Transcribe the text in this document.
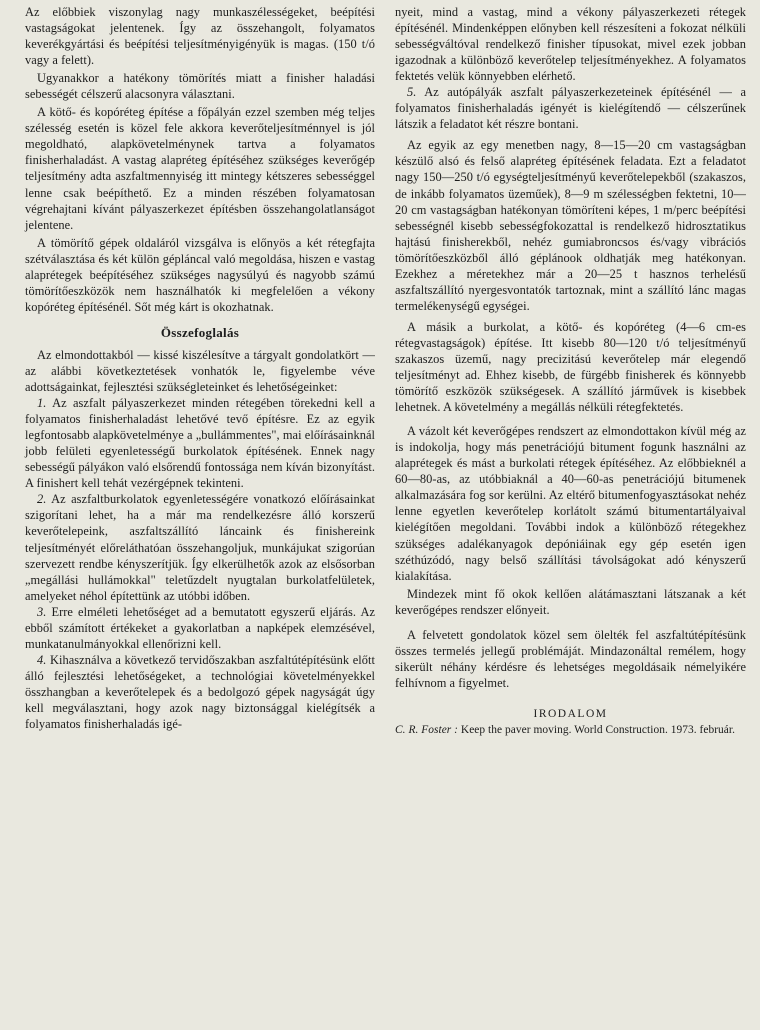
Az előbbiek viszonylag nagy munkaszélességeket, beépítési vastagságokat jelentenek. Így az összehangolt, folyamatos keverékgyártási és beépítési teljesítményigényük is magas. (150 t/ó vagy a felett).

Ugyanakkor a hatékony tömörítés miatt a finisher haladási sebességét célszerű alacsonyra választani.

A kötő- és kopóréteg építése a főpályán ezzel szemben még teljes szélesség esetén is közel fele akkora keverőteljesítménnyel is jól megoldható, alapkövetelménynek tartva a folyamatos finisherhaladást. A vastag alapréteg építéséhez szükséges keverőgép teljesítmény adta aszfaltmennyiség itt mintegy kétszeres sebességgel lenne csak beépíthető. Ez a minden részében folyamatosan végrehajtani kívánt pályaszerkezet építésben összehangolatlanságot jelentene.

A tömörítő gépek oldaláról vizsgálva is előnyös a két rétegfajta szétválasztása és két külön gépláncal való megoldása, hiszen e vastag alaprétegek beépítéséhez szükséges nagysúlyú és nagyobb számú tömörítőeszközök nem használhatók ki megfelelően a vékony kopóréteg építésénél. Sőt még kárt is okozhatnak.

Összefoglalás

Az elmondottakból — kissé kiszélesítve a tárgyalt gondolatkört — az alábbi következtetések vonhatók le, figyelembe véve adottságainkat, fejlesztési szükségleteinket és lehetőségeinket:

1. Az aszfalt pályaszerkezet minden rétegében törekedni kell a folyamatos finisherhaladást lehetővé tevő építésre. Ez az egyik legfontosabb alapkövetelménye a „bullámmentes", mai előírásainknál jobb felületi egyenletességű burkolatok építésének. Ennek nagy sebességű pályákon való elsőrendű fontossága nem kíván bizonyítást. A finishert kell tehát vezérgépnek tekinteni.

2. Az aszfaltburkolatok egyenletességére vonatkozó előírásainkat szigorítani lehet, ha a már ma rendelkezésre álló korszerű keverőtelepeink, aszfaltszállító láncaink és finishereink teljesítményét előreláthatóan összehangoljuk, munkájukat szigorúan szervezett rendbe kényszerítjük. Így elkerülhetők azok az elsősorban „megállási hullámokkal" teletűzdelt nyugtalan burkolatfelületek, amelyeket néhol építettünk az utóbbi időben.

3. Erre elméleti lehetőséget ad a bemutatott egyszerű eljárás. Az ebből számított értékeket a gyakorlatban a napképek elemzésével, munkatanulmányokkal ellenőrizni kell.

4. Kihasználva a következő tervidőszakban aszfaltútépítésünk előtt álló fejlesztési lehetőségeket, a technológiai követelményekkel összhangban a keverőtelepek és a bedolgozó gépek nagyságát úgy kell megválasztani, hogy azok nagy biztonsággal kielégítsék a folyamatos finisherhaladás igé-

nyeit, mind a vastag, mind a vékony pályaszerkezeti rétegek építésénél. Mindenképpen előnyben kell részesíteni a fokozat nélküli sebességváltóval rendelkező finisher típusokat, mivel ezek jobban igazodnak a különböző keverőtelep teljesítményekhez. A folyamatos fektetés velük könnyebben elérhető.

5. Az autópályák aszfalt pályaszerkezeteinek építésénél — a folyamatos finisherhaladás igényét is kielégítendő — célszerűnek látszik a feladatot két részre bontani.

Az egyik az egy menetben nagy, 8—15—20 cm vastagságban készülő alsó és felső alapréteg építésének feladata. Ezt a feladatot nagy 150—250 t/ó egységteljesítményű keverőtelepekből (szakaszos, de inkább folyamatos üzeműek), 8—9 m szélességben fektetni, 10—20 cm vastagságban hatékonyan tömöríteni képes, 1 m/perc beépítési sebességnél kisebb sebességfokozattal is rendelkező hidrosztatikus hajtású finisherekből, nehéz gumiabroncsos és/vagy vibrációs tömörítőeszközből álló géplánook oldhatják meg hatékonyan. Ezekhez a méretekhez már a 20—25 t hasznos terhelésű aszfaltszállító nyergesvontatók tartoznak, mint a szállító lánc magas termelékenységű egységei.

A másik a burkolat, a kötő- és kopóréteg (4—6 cm-es rétegvastagságok) építése. Itt kisebb 80—120 t/ó teljesítményű szakaszos üzemű, nagy precizitású keverőtelep már elegendő teljesítményt ad. Ehhez kisebb, de fürgébb finisherek és könnyebb tömörítő eszközök szükségesek. A szállító járművek is kisebbek lehetnek. A követelmény a megállás nélküli rétegfektetés.

A vázolt két keverőgépes rendszert az elmondottakon kívül még az is indokolja, hogy más penetrációjú bitument fogunk használni az alaprétegek és mást a burkolati rétegek építéséhez. Az előbbieknél a 60—80-as, az utóbbiaknál a 40—60-as penetrációjú bitumenek alkalmazására fog sor kerülni. Az eltérő bitumenfogyasztásokat nehéz lenne egyetlen keverőtelep korlátolt számú bitumentartályaival kielégítően megoldani. További indok a különböző rétegekhez szükséges adalékanyagok depóniáinak egy gép esetén igen széthúzódó, nagy belső szállítási távolságokat adó kényszerű kialakítása.

Mindezek mint fő okok kellően alátámasztani látszanak a két keverőgépes rendszer előnyeit.

A felvetett gondolatok közel sem ölelték fel aszfaltútépítésünk összes termelés jellegű problémáját. Mindazonáltal remélem, hogy sikerült néhány kérdésre és lehetséges megoldásaik némelyikére felhívnom a figyelmet.

IRODALOM
C. R. Foster : Keep the paver moving. World Construction. 1973. február.
